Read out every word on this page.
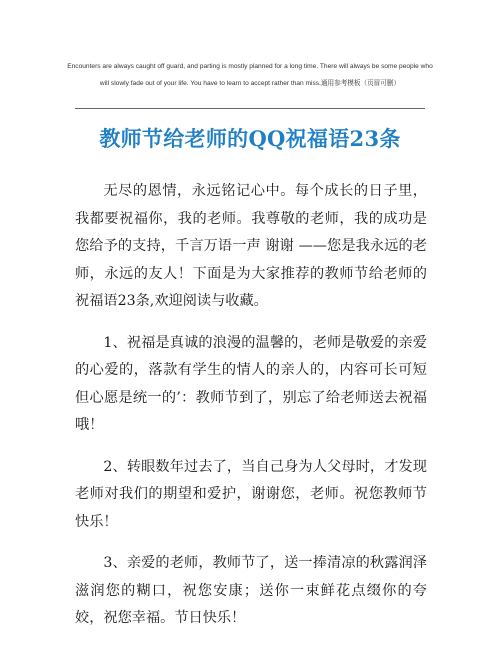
Encounters are always caught off guard, and parting is mostly planned for a long time. There will always be some people who will slowly fade out of your life. You have to learn to accept rather than miss.通用参考模板（页眉可删）
教师节给老师的QQ祝福语23条

无尽的恩情，永远铭记心中。每个成长的日子里，我都要祝福你，我的老师。我尊敬的老师，我的成功是您给予的支持，千言万语一声 谢谢 ——您是我永远的老师，永远的友人！下面是为大家推荐的教师节给老师的祝福语23条,欢迎阅读与收藏。

1、祝福是真诚的浪漫的温馨的，老师是敬爱的亲爱的心爱的，落款有学生的情人的亲人的，内容可长可短但心愿是统一的’：教师节到了，别忘了给老师送去祝福哦！

2、转眼数年过去了，当自己身为人父母时，才发现老师对我们的期望和爱护，谢谢您，老师。祝您教师节快乐！

3、亲爱的老师，教师节了，送一捧清凉的秋露润泽滋润您的糊口，祝您安康；送你一束鲜花点缀你的夸姣，祝您幸福。节日快乐！
